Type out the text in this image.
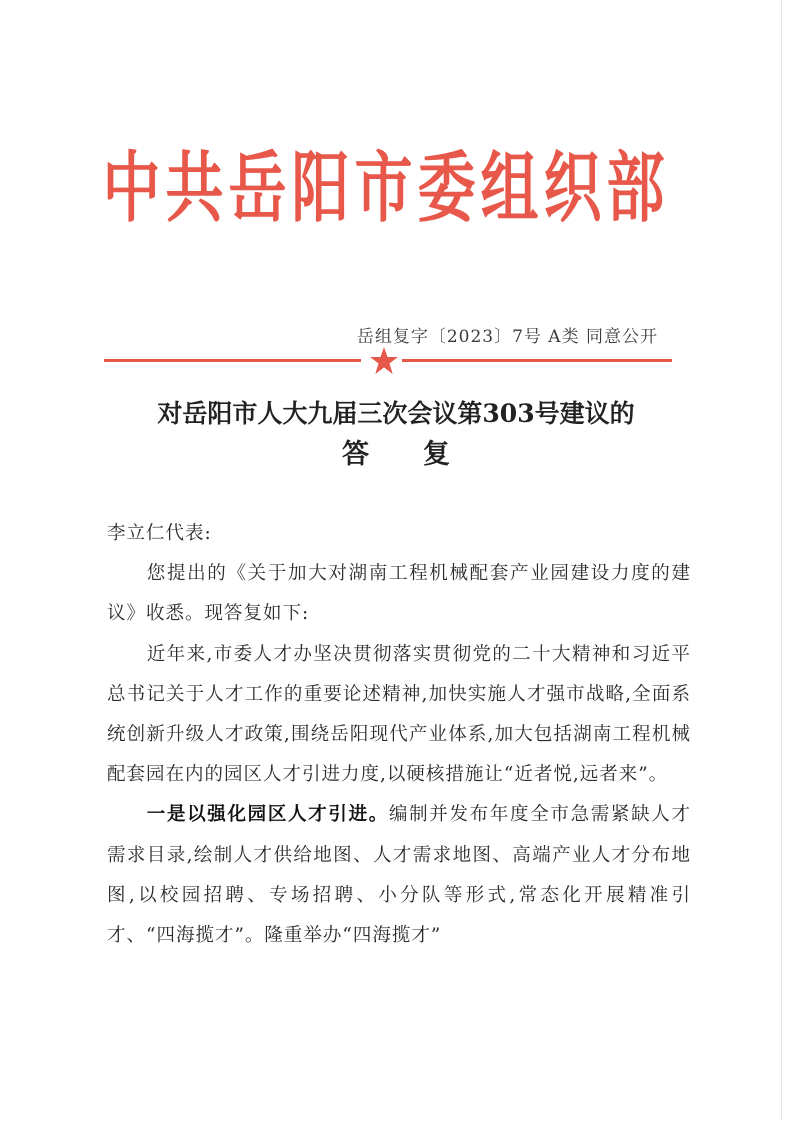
中共岳阳市委组织部
岳组复字〔2023〕7号 A类 同意公开
对岳阳市人大九届三次会议第303号建议的
答复

李立仁代表:

您提出的《关于加大对湖南工程机械配套产业园建设力度的建议》收悉。现答复如下:

近年来,市委人才办坚决贯彻落实贯彻党的二十大精神和习近平总书记关于人才工作的重要论述精神,加快实施人才强市战略,全面系统创新升级人才政策,围绕岳阳现代产业体系,加大包括湖南工程机械配套园在内的园区人才引进力度,以硬核措施让“近者悦,远者来”。

一是以强化园区人才引进。编制并发布年度全市急需紧缺人才需求目录,绘制人才供给地图、人才需求地图、高端产业人才分布地图,以校园招聘、专场招聘、小分队等形式,常态化开展精准引才、“四海揽才”。隆重举办“四海揽才”
